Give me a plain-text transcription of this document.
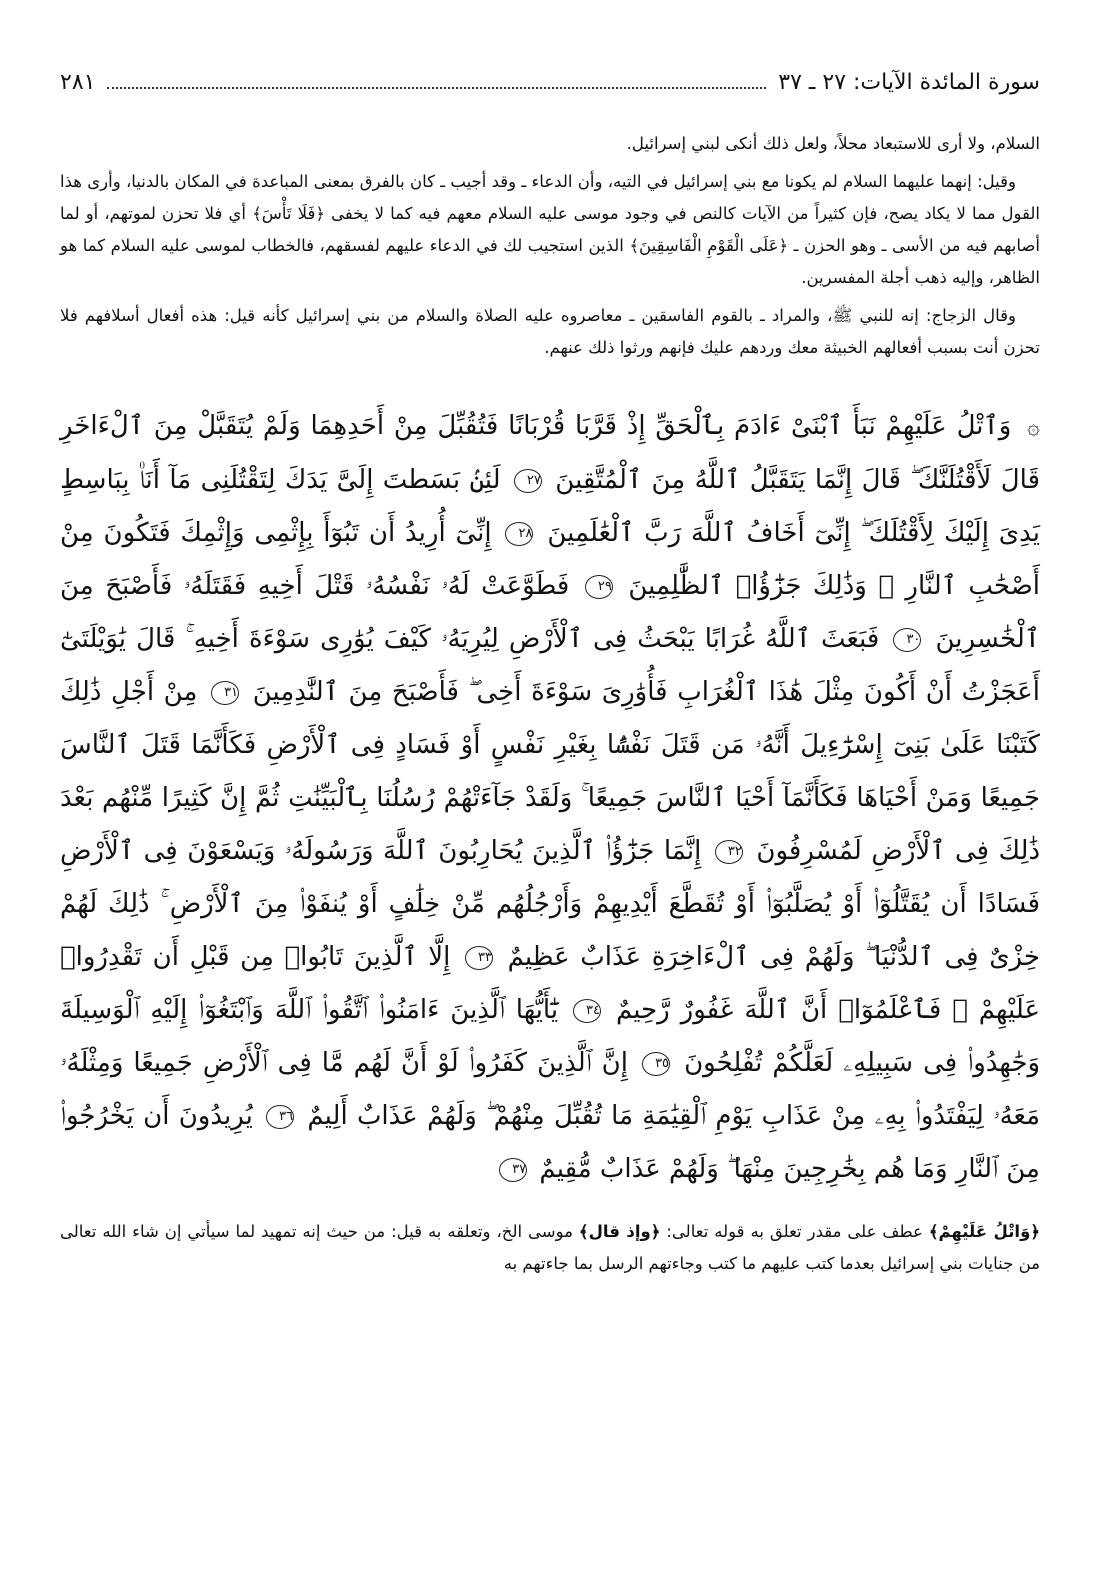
سورة المائدة الآيات: ٢٧ ـ ٣٧
٢٨١

السلام، ولا أرى للاستبعاد محلاً، ولعل ذلك أنكى لبني إسرائيل.

وقيل: إنهما عليهما السلام لم يكونا مع بني إسرائيل في التيه، وأن الدعاء ـ وقد أجيب ـ كان بالفرق بمعنى المباعدة في المكان بالدنيا، وأرى هذا القول مما لا يكاد يصح، فإن كثيراً من الآيات كالنص في وجود موسى عليه السلام معهم فيه كما لا يخفى ﴿فَلَا تَأْسَ﴾ أي فلا تحزن لموتهم، أو لما أصابهم فيه من الأسى ـ وهو الحزن ـ ﴿عَلَى الْقَوْمِ الْفَاسِقِينَ﴾ الذين استجيب لك في الدعاء عليهم لفسقهم، فالخطاب لموسى عليه السلام كما هو الظاهر، وإليه ذهب أجلة المفسرين.

وقال الزجاج: إنه للنبي ﷺ، والمراد ـ بالقوم الفاسقين ـ معاصروه عليه الصلاة والسلام من بني إسرائيل كأنه قيل: هذه أفعال أسلافهم فلا تحزن أنت بسبب أفعالهم الخبيثة معك وردهم عليك فإنهم ورثوا ذلك عنهم.

۞ وَٱتْلُ عَلَيْهِمْ نَبَأَ ٱبْنَىْ ءَادَمَ بِٱلْحَقِّ إِذْ قَرَّبَا قُرْبَانًا فَتُقُبِّلَ مِنْ أَحَدِهِمَا وَلَمْ يُتَقَبَّلْ مِنَ ٱلْءَاخَرِ قَالَ لَأَقْتُلَنَّكَ ۖ قَالَ إِنَّمَا يَتَقَبَّلُ ٱللَّهُ مِنَ ٱلْمُتَّقِينَ ٢٧ لَئِنۢ بَسَطتَ إِلَىَّ يَدَكَ لِتَقْتُلَنِى مَآ أَنَا۠ بِبَاسِطٍ يَدِىَ إِلَيْكَ لِأَقْتُلَكَ ۖ إِنِّىٓ أَخَافُ ٱللَّهَ رَبَّ ٱلْعَٰلَمِينَ ٢٨ إِنِّىٓ أُرِيدُ أَن تَبُوٓأَ بِإِثْمِى وَإِثْمِكَ فَتَكُونَ مِنْ أَصْحَٰبِ ٱلنَّارِ ۚ وَذَٰلِكَ جَزَٰٓؤُا۟ ٱلظَّٰلِمِينَ ٢٩ فَطَوَّعَتْ لَهُۥ نَفْسُهُۥ قَتْلَ أَخِيهِ فَقَتَلَهُۥ فَأَصْبَحَ مِنَ ٱلْخَٰسِرِينَ ٣٠ فَبَعَثَ ٱللَّهُ غُرَابًا يَبْحَثُ فِى ٱلْأَرْضِ لِيُرِيَهُۥ كَيْفَ يُوَٰرِى سَوْءَةَ أَخِيهِ ۚ قَالَ يَٰوَيْلَتَىٰٓ أَعَجَزْتُ أَنْ أَكُونَ مِثْلَ هَٰذَا ٱلْغُرَابِ فَأُوَٰرِىَ سَوْءَةَ أَخِى ۖ فَأَصْبَحَ مِنَ ٱلنَّٰدِمِينَ ٣١ مِنْ أَجْلِ ذَٰلِكَ كَتَبْنَا عَلَىٰ بَنِىٓ إِسْرَٰٓءِيلَ أَنَّهُۥ مَن قَتَلَ نَفْسًۢا بِغَيْرِ نَفْسٍ أَوْ فَسَادٍ فِى ٱلْأَرْضِ فَكَأَنَّمَا قَتَلَ ٱلنَّاسَ جَمِيعًا وَمَنْ أَحْيَاهَا فَكَأَنَّمَآ أَحْيَا ٱلنَّاسَ جَمِيعًا ۚ وَلَقَدْ جَآءَتْهُمْ رُسُلُنَا بِٱلْبَيِّنَٰتِ ثُمَّ إِنَّ كَثِيرًا مِّنْهُم بَعْدَ ذَٰلِكَ فِى ٱلْأَرْضِ لَمُسْرِفُونَ ٣٢ إِنَّمَا جَزَٰٓؤُا۟ ٱلَّذِينَ يُحَارِبُونَ ٱللَّهَ وَرَسُولَهُۥ وَيَسْعَوْنَ فِى ٱلْأَرْضِ فَسَادًا أَن يُقَتَّلُوٓا۟ أَوْ يُصَلَّبُوٓا۟ أَوْ تُقَطَّعَ أَيْدِيهِمْ وَأَرْجُلُهُم مِّنْ خِلَٰفٍ أَوْ يُنفَوْا۟ مِنَ ٱلْأَرْضِ ۚ ذَٰلِكَ لَهُمْ خِزْىٌ فِى ٱلدُّنْيَا ۖ وَلَهُمْ فِى ٱلْءَاخِرَةِ عَذَابٌ عَظِيمٌ ٣٣ إِلَّا ٱلَّذِينَ تَابُوا۟ مِن قَبْلِ أَن تَقْدِرُوا۟ عَلَيْهِمْ ۖ فَٱعْلَمُوٓا۟ أَنَّ ٱللَّهَ غَفُورٌ رَّحِيمٌ ٣٤ يَٰٓأَيُّهَا ٱلَّذِينَ ءَامَنُوا۟ ٱتَّقُوا۟ ٱللَّهَ وَٱبْتَغُوٓا۟ إِلَيْهِ ٱلْوَسِيلَةَ وَجَٰهِدُوا۟ فِى سَبِيلِهِۦ لَعَلَّكُمْ تُفْلِحُونَ ٣٥ إِنَّ ٱلَّذِينَ كَفَرُوا۟ لَوْ أَنَّ لَهُم مَّا فِى ٱلْأَرْضِ جَمِيعًا وَمِثْلَهُۥ مَعَهُۥ لِيَفْتَدُوا۟ بِهِۦ مِنْ عَذَابِ يَوْمِ ٱلْقِيَٰمَةِ مَا تُقُبِّلَ مِنْهُمْ ۖ وَلَهُمْ عَذَابٌ أَلِيمٌ ٣٦ يُرِيدُونَ أَن يَخْرُجُوا۟ مِنَ ٱلنَّارِ وَمَا هُم بِخَٰرِجِينَ مِنْهَا ۖ وَلَهُمْ عَذَابٌ مُّقِيمٌ ٣٧
﴿وَاتْلُ عَلَيْهِمْ﴾ عطف على مقدر تعلق به قوله تعالى: ﴿وإذ قال﴾ موسى الخ، وتعلقه به قيل: من حيث إنه تمهيد لما سيأتي إن شاء الله تعالى من جنايات بني إسرائيل بعدما كتب عليهم ما كتب وجاءتهم الرسل بما جاءتهم به
